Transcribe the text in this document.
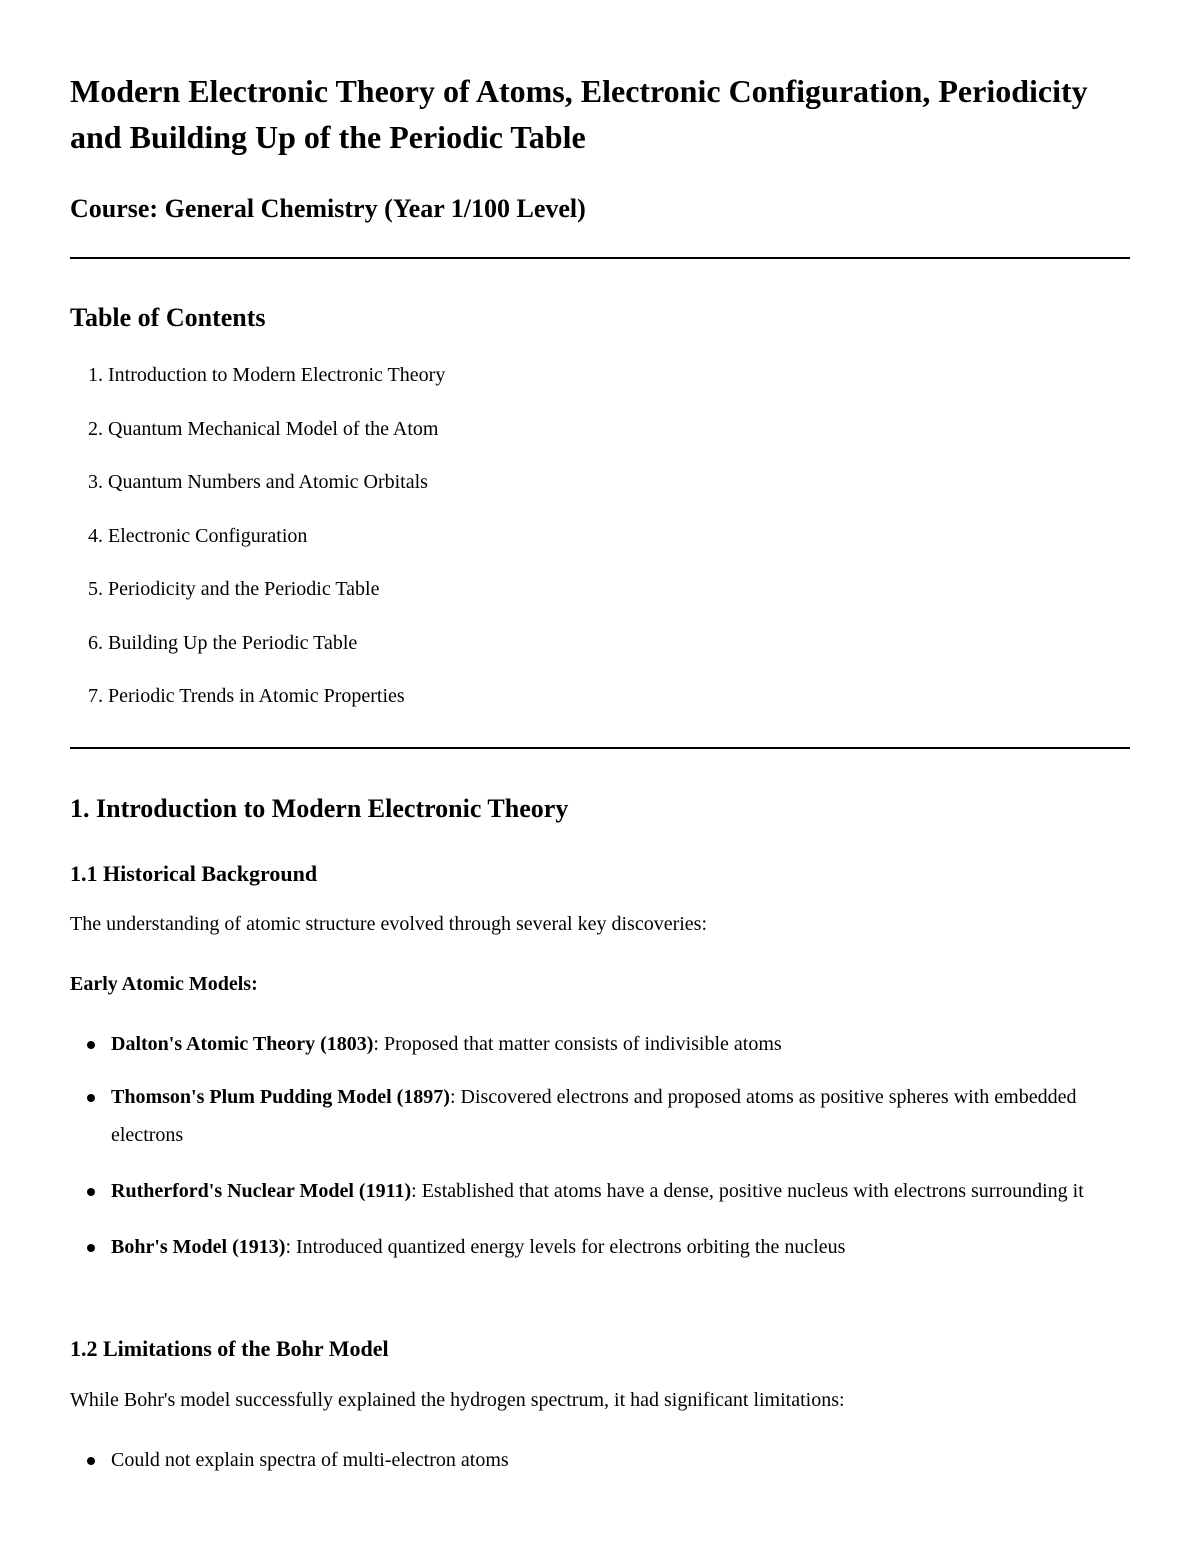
Modern Electronic Theory of Atoms, Electronic Configuration, Periodicity and Building Up of the Periodic Table

Course: General Chemistry (Year 1/100 Level)

Table of Contents
1. Introduction to Modern Electronic Theory
2. Quantum Mechanical Model of the Atom
3. Quantum Numbers and Atomic Orbitals
4. Electronic Configuration
5. Periodicity and the Periodic Table
6. Building Up the Periodic Table
7. Periodic Trends in Atomic Properties
1. Introduction to Modern Electronic Theory
1.1 Historical Background

The understanding of atomic structure evolved through several key discoveries:

Early Atomic Models:

Dalton's Atomic Theory (1803): Proposed that matter consists of indivisible atoms
Thomson's Plum Pudding Model (1897): Discovered electrons and proposed atoms as positive spheres with embedded electrons
Rutherford's Nuclear Model (1911): Established that atoms have a dense, positive nucleus with electrons surrounding it
Bohr's Model (1913): Introduced quantized energy levels for electrons orbiting the nucleus
1.2 Limitations of the Bohr Model

While Bohr's model successfully explained the hydrogen spectrum, it had significant limitations:

Could not explain spectra of multi-electron atoms
